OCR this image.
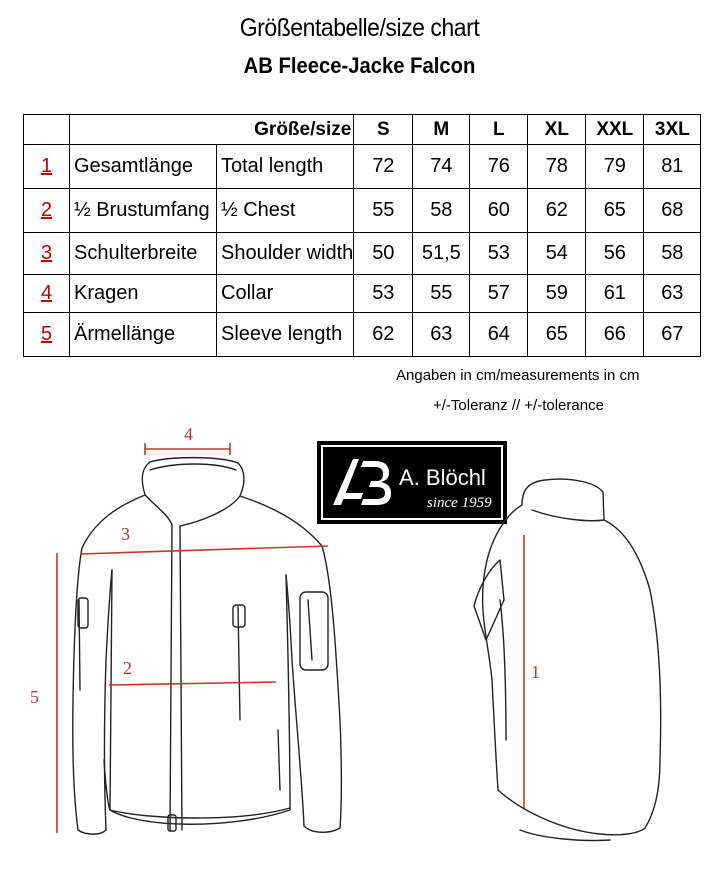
Größentabelle/size chart
AB Fleece-Jacke Falcon
	Größe/size		S	M	L	XL	XXL	3XL
1	Gesamtlänge	Total length	72	74	76	78	79	81
2	½ Brustumfang	½ Chest	55	58	60	62	65	68
3	Schulterbreite	Shoulder width	50	51,5	53	54	56	58
4	Kragen	Collar	53	55	57	59	61	63
5	Ärmellänge	Sleeve length	62	63	64	65	66	67
Angaben in cm/measurements in cm
+/-Toleranz // +/-tolerance
A. Blöchl
since 1959
4
3
2
5
1
